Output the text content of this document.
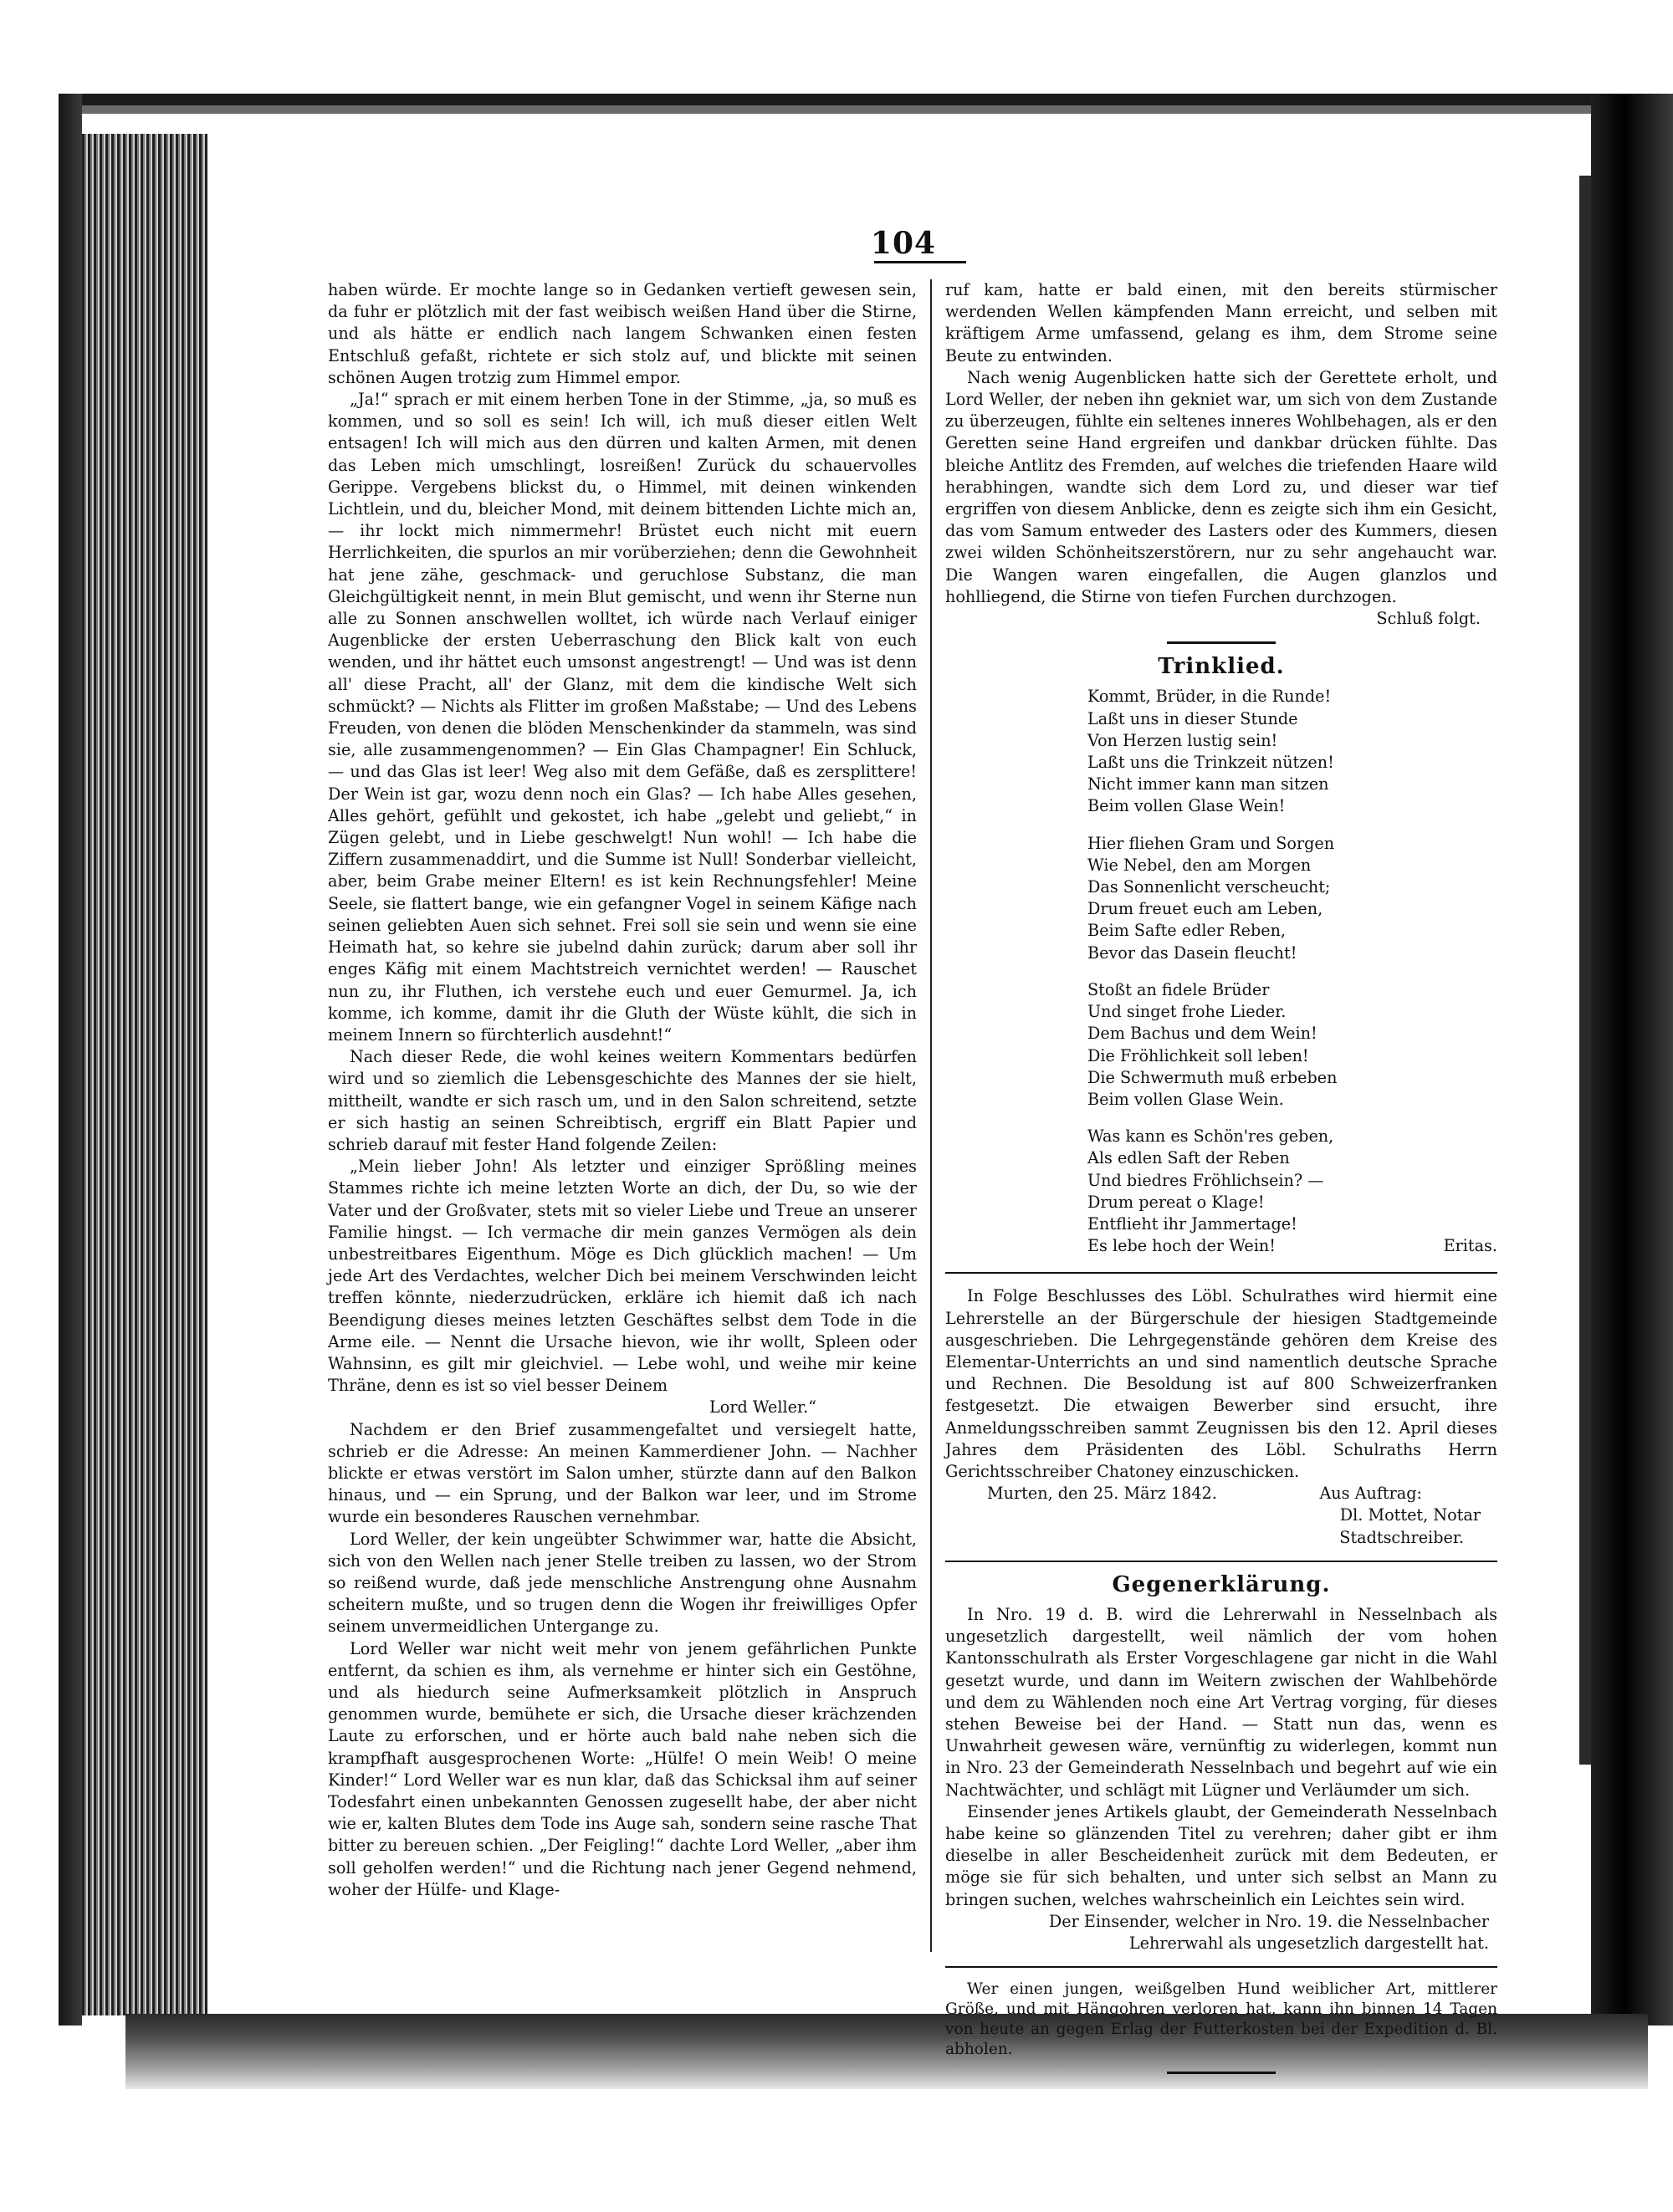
104

haben würde. Er mochte lange so in Gedanken vertieft gewesen sein, da fuhr er plötzlich mit der fast weibisch weißen Hand über die Stirne, und als hätte er endlich nach langem Schwanken einen festen Entschluß gefaßt, richtete er sich stolz auf, und blickte mit seinen schönen Augen trotzig zum Himmel empor.

„Ja!“ sprach er mit einem herben Tone in der Stimme, „ja, so muß es kommen, und so soll es sein! Ich will, ich muß dieser eitlen Welt entsagen! Ich will mich aus den dürren und kalten Armen, mit denen das Leben mich umschlingt, losreißen! Zurück du schauervolles Gerippe. Vergebens blickst du, o Himmel, mit deinen winkenden Lichtlein, und du, bleicher Mond, mit deinem bittenden Lichte mich an, — ihr lockt mich nimmermehr! Brüstet euch nicht mit euern Herrlichkeiten, die spurlos an mir vorüberziehen; denn die Gewohnheit hat jene zähe, geschmack- und geruchlose Substanz, die man Gleichgültigkeit nennt, in mein Blut gemischt, und wenn ihr Sterne nun alle zu Sonnen anschwellen wolltet, ich würde nach Verlauf einiger Augenblicke der ersten Ueberraschung den Blick kalt von euch wenden, und ihr hättet euch umsonst angestrengt! — Und was ist denn all' diese Pracht, all' der Glanz, mit dem die kindische Welt sich schmückt? — Nichts als Flitter im großen Maßstabe; — Und des Lebens Freuden, von denen die blöden Menschenkinder da stammeln, was sind sie, alle zusammengenommen? — Ein Glas Champagner! Ein Schluck, — und das Glas ist leer! Weg also mit dem Gefäße, daß es zersplittere! Der Wein ist gar, wozu denn noch ein Glas? — Ich habe Alles gesehen, Alles gehört, gefühlt und gekostet, ich habe „gelebt und geliebt,“ in Zügen gelebt, und in Liebe geschwelgt! Nun wohl! — Ich habe die Ziffern zusammenaddirt, und die Summe ist Null! Sonderbar vielleicht, aber, beim Grabe meiner Eltern! es ist kein Rechnungsfehler! Meine Seele, sie flattert bange, wie ein gefangner Vogel in seinem Käfige nach seinen geliebten Auen sich sehnet. Frei soll sie sein und wenn sie eine Heimath hat, so kehre sie jubelnd dahin zurück; darum aber soll ihr enges Käfig mit einem Machtstreich vernichtet werden! — Rauschet nun zu, ihr Fluthen, ich verstehe euch und euer Gemurmel. Ja, ich komme, ich komme, damit ihr die Gluth der Wüste kühlt, die sich in meinem Innern so fürchterlich ausdehnt!“

Nach dieser Rede, die wohl keines weitern Kommentars bedürfen wird und so ziemlich die Lebensgeschichte des Mannes der sie hielt, mittheilt, wandte er sich rasch um, und in den Salon schreitend, setzte er sich hastig an seinen Schreibtisch, ergriff ein Blatt Papier und schrieb darauf mit fester Hand folgende Zeilen:

„Mein lieber John! Als letzter und einziger Sprößling meines Stammes richte ich meine letzten Worte an dich, der Du, so wie der Vater und der Großvater, stets mit so vieler Liebe und Treue an unserer Familie hingst. — Ich vermache dir mein ganzes Vermögen als dein unbestreitbares Eigenthum. Möge es Dich glücklich machen! — Um jede Art des Verdachtes, welcher Dich bei meinem Verschwinden leicht treffen könnte, niederzudrücken, erkläre ich hiemit daß ich nach Beendigung dieses meines letzten Geschäftes selbst dem Tode in die Arme eile. — Nennt die Ursache hievon, wie ihr wollt, Spleen oder Wahnsinn, es gilt mir gleichviel. — Lebe wohl, und weihe mir keine Thräne, denn es ist so viel besser Deinem

Lord Weller.“

Nachdem er den Brief zusammengefaltet und versiegelt hatte, schrieb er die Adresse: An meinen Kammerdiener John. — Nachher blickte er etwas verstört im Salon umher, stürzte dann auf den Balkon hinaus, und — ein Sprung, und der Balkon war leer, und im Strome wurde ein besonderes Rauschen vernehmbar.

Lord Weller, der kein ungeübter Schwimmer war, hatte die Absicht, sich von den Wellen nach jener Stelle treiben zu lassen, wo der Strom so reißend wurde, daß jede menschliche Anstrengung ohne Ausnahm scheitern mußte, und so trugen denn die Wogen ihr freiwilliges Opfer seinem unvermeidlichen Untergange zu.

Lord Weller war nicht weit mehr von jenem gefährlichen Punkte entfernt, da schien es ihm, als vernehme er hinter sich ein Gestöhne, und als hiedurch seine Aufmerksamkeit plötzlich in Anspruch genommen wurde, bemühete er sich, die Ursache dieser krächzenden Laute zu erforschen, und er hörte auch bald nahe neben sich die krampfhaft ausgesprochenen Worte: „Hülfe! O mein Weib! O meine Kinder!“ Lord Weller war es nun klar, daß das Schicksal ihm auf seiner Todesfahrt einen unbekannten Genossen zugesellt habe, der aber nicht wie er, kalten Blutes dem Tode ins Auge sah, sondern seine rasche That bitter zu bereuen schien. „Der Feigling!“ dachte Lord Weller, „aber ihm soll geholfen werden!“ und die Richtung nach jener Gegend nehmend, woher der Hülfe- und Klage-

ruf kam, hatte er bald einen, mit den bereits stürmischer werdenden Wellen kämpfenden Mann erreicht, und selben mit kräftigem Arme umfassend, gelang es ihm, dem Strome seine Beute zu entwinden.

Nach wenig Augenblicken hatte sich der Gerettete erholt, und Lord Weller, der neben ihn gekniet war, um sich von dem Zustande zu überzeugen, fühlte ein seltenes inneres Wohlbehagen, als er den Geretten seine Hand ergreifen und dankbar drücken fühlte. Das bleiche Antlitz des Fremden, auf welches die triefenden Haare wild herabhingen, wandte sich dem Lord zu, und dieser war tief ergriffen von diesem Anblicke, denn es zeigte sich ihm ein Gesicht, das vom Samum entweder des Lasters oder des Kummers, diesen zwei wilden Schönheitszerstörern, nur zu sehr angehaucht war. Die Wangen waren eingefallen, die Augen glanzlos und hohlliegend, die Stirne von tiefen Furchen durchzogen.

Schluß folgt.

Trinklied.
Kommt, Brüder, in die Runde!
Laßt uns in dieser Stunde
Von Herzen lustig sein!
Laßt uns die Trinkzeit nützen!
Nicht immer kann man sitzen
Beim vollen Glase Wein!
Hier fliehen Gram und Sorgen
Wie Nebel, den am Morgen
Das Sonnenlicht verscheucht;
Drum freuet euch am Leben,
Beim Safte edler Reben,
Bevor das Dasein fleucht!
Stoßt an fidele Brüder
Und singet frohe Lieder.
Dem Bachus und dem Wein!
Die Fröhlichkeit soll leben!
Die Schwermuth muß erbeben
Beim vollen Glase Wein.
Was kann es Schön'res geben,
Als edlen Saft der Reben
Und biedres Fröhlichsein? —
Drum pereat o Klage!
Entflieht ihr Jammertage!
Es lebe hoch der Wein!	Eritas.

In Folge Beschlusses des Löbl. Schulrathes wird hiermit eine Lehrerstelle an der Bürgerschule der hiesigen Stadtgemeinde ausgeschrieben. Die Lehrgegenstände gehören dem Kreise des Elementar-Unterrichts an und sind namentlich deutsche Sprache und Rechnen. Die Besoldung ist auf 800 Schweizerfranken festgesetzt. Die etwaigen Bewerber sind ersucht, ihre Anmeldungsschreiben sammt Zeugnissen bis den 12. April dieses Jahres dem Präsidenten des Löbl. Schulraths Herrn Gerichtsschreiber Chatoney einzuschicken.

Murten, den 25. März 1842.	Aus Auftrag:
Dl. Mottet, Notar
Stadtschreiber.
Gegenerklärung.

In Nro. 19 d. B. wird die Lehrerwahl in Nesselnbach als ungesetzlich dargestellt, weil nämlich der vom hohen Kantonsschulrath als Erster Vorgeschlagene gar nicht in die Wahl gesetzt wurde, und dann im Weitern zwischen der Wahlbehörde und dem zu Wählenden noch eine Art Vertrag vorging, für dieses stehen Beweise bei der Hand. — Statt nun das, wenn es Unwahrheit gewesen wäre, vernünftig zu widerlegen, kommt nun in Nro. 23 der Gemeinderath Nesselnbach und begehrt auf wie ein Nachtwächter, und schlägt mit Lügner und Verläumder um sich.

Einsender jenes Artikels glaubt, der Gemeinderath Nesselnbach habe keine so glänzenden Titel zu verehren; daher gibt er ihm dieselbe in aller Bescheidenheit zurück mit dem Bedeuten, er möge sie für sich behalten, und unter sich selbst an Mann zu bringen suchen, welches wahrscheinlich ein Leichtes sein wird.

Der Einsender, welcher in Nro. 19. die Nesselnbacher

Lehrerwahl als ungesetzlich dargestellt hat.

Wer einen jungen, weißgelben Hund weiblicher Art, mittlerer Größe, und mit Hängohren verloren hat, kann ihn binnen 14 Tagen von heute an gegen Erlag der Futterkosten bei der Expedition d. Bl. abholen.
